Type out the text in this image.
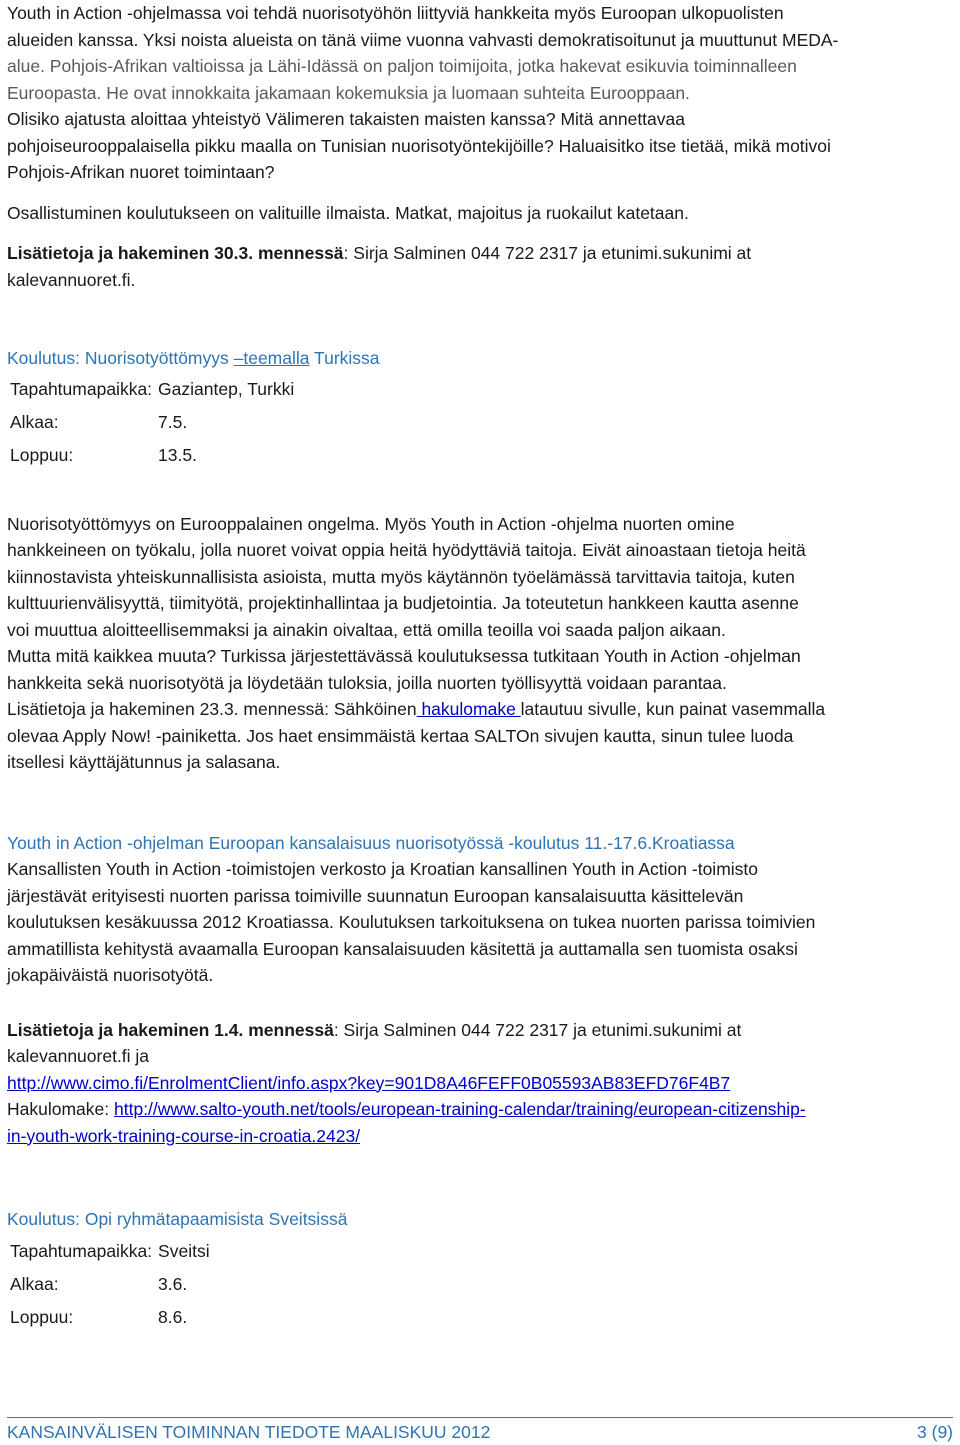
Youth in Action -ohjelmassa voi tehdä nuorisotyöhön liittyviä hankkeita myös Euroopan ulkopuolisten
alueiden kanssa. Yksi noista alueista on tänä viime vuonna vahvasti demokratisoitunut ja muuttunut MEDA-
alue. Pohjois-Afrikan valtioissa ja Lähi-Idässä on paljon toimijoita, jotka hakevat esikuvia toiminnalleen
Euroopasta. He ovat innokkaita jakamaan kokemuksia ja luomaan suhteita Eurooppaan.

Olisiko ajatusta aloittaa yhteistyö Välimeren takaisten maisten kanssa? Mitä annettavaa
pohjoiseurooppalaisella pikku maalla on Tunisian nuorisotyöntekijöille? Haluaisitko itse tietää, mikä motivoi
Pohjois-Afrikan nuoret toimintaan?

Osallistuminen koulutukseen on valituille ilmaista. Matkat, majoitus ja ruokailut katetaan.

Lisätietoja ja hakeminen 30.3. mennessä: Sirja Salminen 044 722 2317 ja etunimi.sukunimi at
kalevannuoret.fi.

Koulutus: Nuorisotyöttömyys –teemalla Turkissa

Tapahtumapaikka:	Gaziantep, Turkki
Alkaa:	7.5.
Loppuu:	13.5.

Nuorisotyöttömyys on Eurooppalainen ongelma. Myös Youth in Action -ohjelma nuorten omine
hankkeineen on työkalu, jolla nuoret voivat oppia heitä hyödyttäviä taitoja. Eivät ainoastaan tietoja heitä
kiinnostavista yhteiskunnallisista asioista, mutta myös käytännön työelämässä tarvittavia taitoja, kuten
kulttuurienvälisyyttä, tiimityötä, projektinhallintaa ja budjetointia. Ja toteutetun hankkeen kautta asenne
voi muuttua aloitteellisemmaksi ja ainakin oivaltaa, että omilla teoilla voi saada paljon aikaan.
Mutta mitä kaikkea muuta? Turkissa järjestettävässä koulutuksessa tutkitaan Youth in Action -ohjelman
hankkeita sekä nuorisotyötä ja löydetään tuloksia, joilla nuorten työllisyyttä voidaan parantaa.
Lisätietoja ja hakeminen 23.3. mennessä: Sähköinen hakulomake latautuu sivulle, kun painat vasemmalla
olevaa Apply Now! -painiketta. Jos haet ensimmäistä kertaa SALTOn sivujen kautta, sinun tulee luoda
itsellesi käyttäjätunnus ja salasana.

Youth in Action -ohjelman Euroopan kansalaisuus nuorisotyössä -koulutus 11.-17.6.Kroatiassa

Kansallisten Youth in Action -toimistojen verkosto ja Kroatian kansallinen Youth in Action -toimisto
järjestävät erityisesti nuorten parissa toimiville suunnatun Euroopan kansalaisuutta käsittelevän
koulutuksen kesäkuussa 2012 Kroatiassa. Koulutuksen tarkoituksena on tukea nuorten parissa toimivien
ammatillista kehitystä avaamalla Euroopan kansalaisuuden käsitettä ja auttamalla sen tuomista osaksi
jokapäiväistä nuorisotyötä.

Lisätietoja ja hakeminen 1.4. mennessä: Sirja Salminen 044 722 2317 ja etunimi.sukunimi at
kalevannuoret.fi ja
http://www.cimo.fi/EnrolmentClient/info.aspx?key=901D8A46FEFF0B05593AB83EFD76F4B7
Hakulomake: http://www.salto-youth.net/tools/european-training-calendar/training/european-citizenship-
in-youth-work-training-course-in-croatia.2423/

Koulutus: Opi ryhmätapaamisista Sveitsissä

Tapahtumapaikka:	Sveitsi
Alkaa:	3.6.
Loppuu:	8.6.
KANSAINVÄLISEN TOIMINNAN TIEDOTE MAALISKUU 2012	3 (9)
